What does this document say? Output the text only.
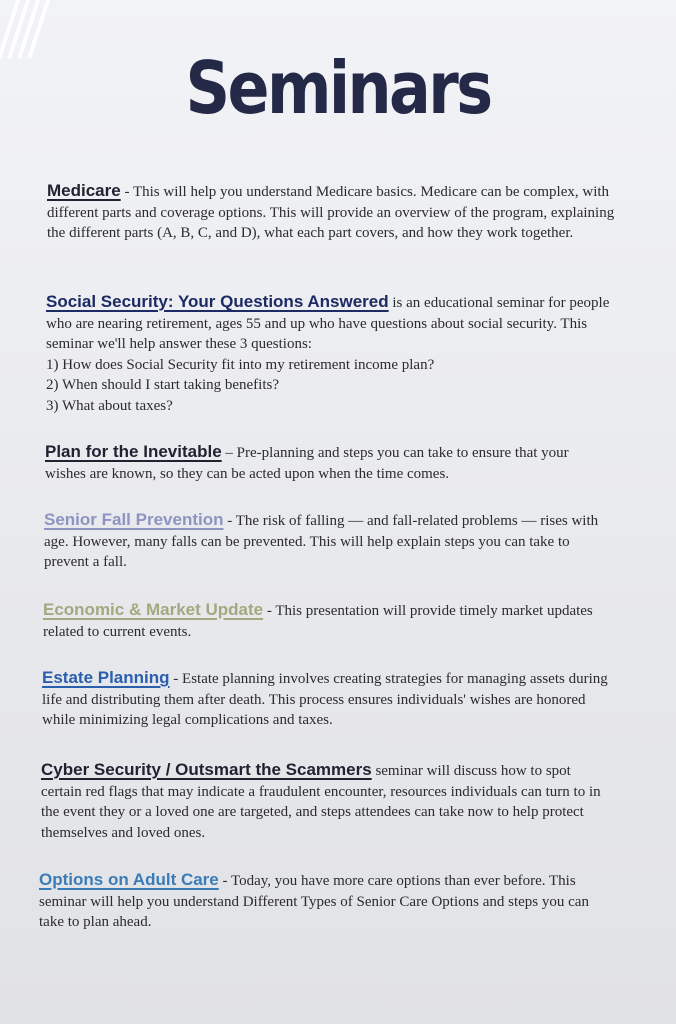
Seminars

Medicare - This will help you understand Medicare basics. Medicare can be complex, with different parts and coverage options. This will provide an overview of the program, explaining the different parts (A, B, C, and D), what each part covers, and how they work together.

Social Security: Your Questions Answered is an educational seminar for people who are nearing retirement, ages 55 and up who have questions about social security. This seminar we'll help answer these 3 questions:
1) How does Social Security fit into my retirement income plan?
2) When should I start taking benefits?
3) What about taxes?

Plan for the Inevitable – Pre-planning and steps you can take to ensure that your wishes are known, so they can be acted upon when the time comes.

Senior Fall Prevention - The risk of falling — and fall-related problems — rises with age. However, many falls can be prevented. This will help explain steps you can take to prevent a fall.

Economic & Market Update - This presentation will provide timely market updates related to current events.

Estate Planning - Estate planning involves creating strategies for managing assets during life and distributing them after death. This process ensures individuals' wishes are honored while minimizing legal complications and taxes.

Cyber Security / Outsmart the Scammers seminar will discuss how to spot certain red flags that may indicate a fraudulent encounter, resources individuals can turn to in the event they or a loved one are targeted, and steps attendees can take now to help protect themselves and loved ones.

Options on Adult Care - Today, you have more care options than ever before. This seminar will help you understand Different Types of Senior Care Options and steps you can take to plan ahead.
